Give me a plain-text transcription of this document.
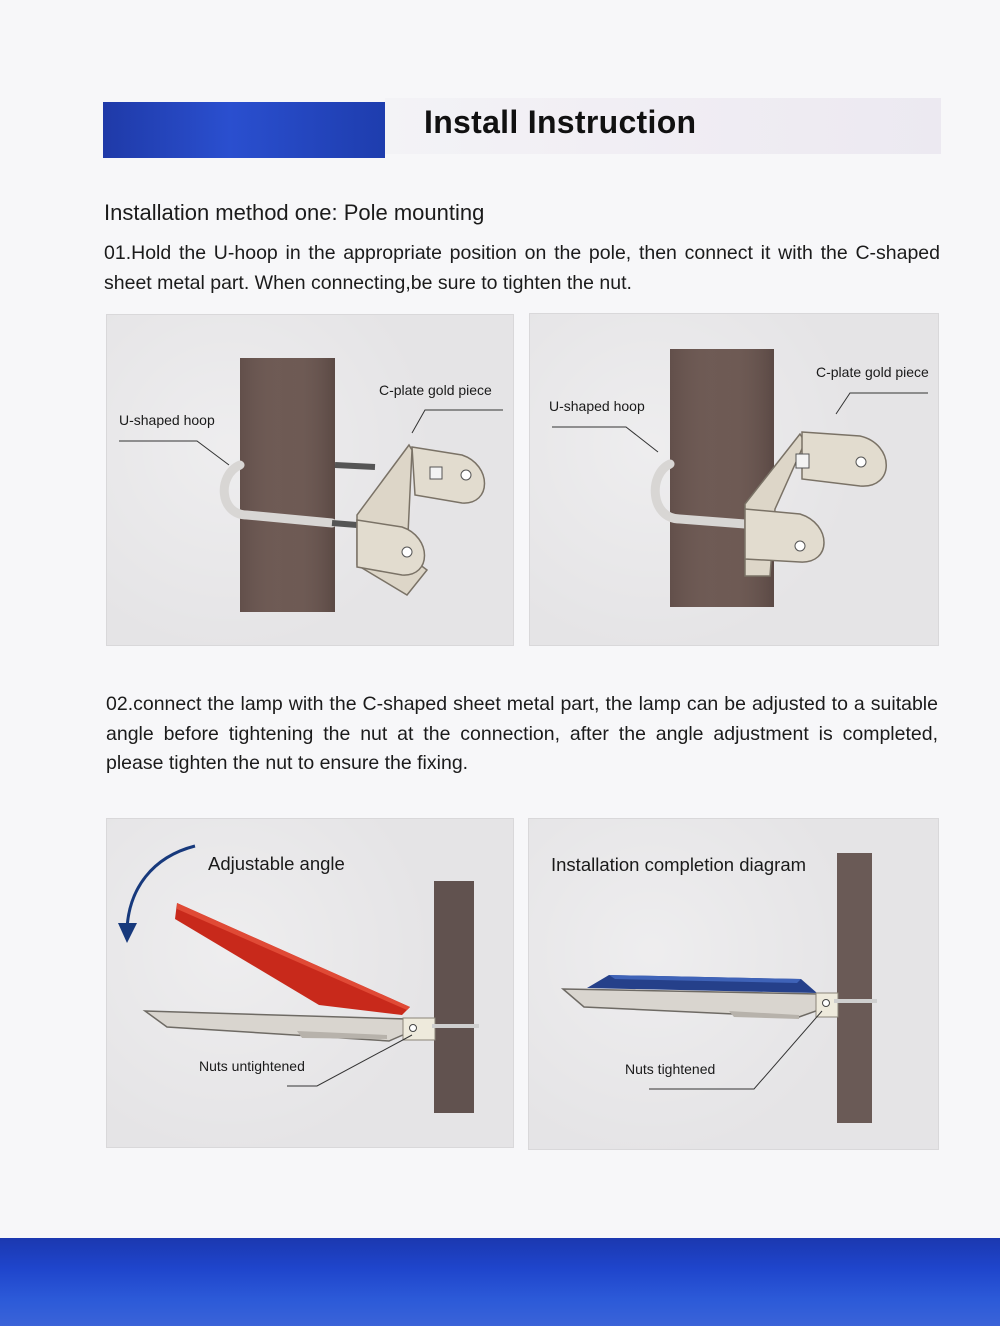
Install Instruction
Installation method one: Pole mounting
01.Hold the U-hoop in the appropriate position on the pole, then connect it with the C-shaped sheet metal part. When connecting,be sure to tighten the nut.
U-shaped hoop
C-plate gold piece
U-shaped hoop
C-plate gold piece
02.connect the lamp with the C-shaped sheet metal part, the lamp can be adjusted to a suitable angle before tightening the nut at the connection, after the angle adjustment is completed, please tighten the nut to ensure the fixing.
Adjustable angle
Nuts untightened
Installation completion diagram
Nuts tightened
